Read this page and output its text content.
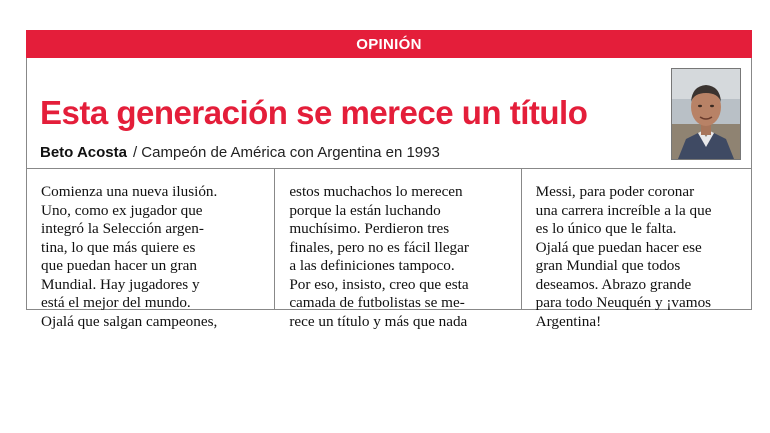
OPINIÓN
Esta generación se merece un título
Beto Acosta / Campeón de América con Argentina en 1993

Comienza una nueva ilusión.
Uno, como ex jugador que
integró la Selección argen-
tina, lo que más quiere es
que puedan hacer un gran
Mundial. Hay jugadores y
está el mejor del mundo.
Ojalá que salgan campeones,

estos muchachos lo merecen
porque la están luchando
muchísimo. Perdieron tres
finales, pero no es fácil llegar
a las definiciones tampoco.
Por eso, insisto, creo que esta
camada de futbolistas se me-
rece un título y más que nada

Messi, para poder coronar
una carrera increíble a la que
es lo único que le falta.
Ojalá que puedan hacer ese
gran Mundial que todos
deseamos. Abrazo grande
para todo Neuquén y ¡vamos
Argentina!
